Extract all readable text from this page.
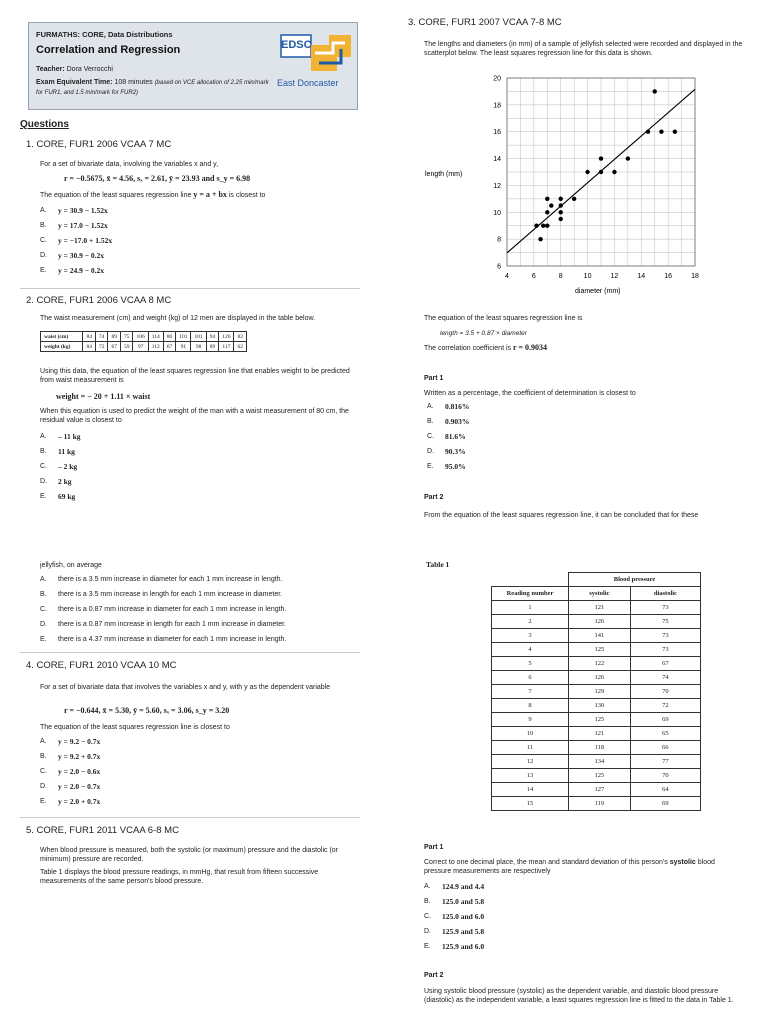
FURMATHS: CORE, Data Distributions
Correlation and Regression
Teacher: Dora Verrocchi
Exam Equivalent Time: 108 minutes (based on VCE allocation of 2.25 min/mark for FUR1, and 1.5 min/mark for FUR2)
EDSC
East Doncaster
Questions
1. CORE, FUR1 2006 VCAA 7 MC
For a set of bivariate data, involving the variables x and y,
r = −0.5675, x̄ = 4.56, sₓ = 2.61, ȳ = 23.93 and s_y = 6.98
The equation of the least squares regression line y = a + bx is closest to
A.	y = 30.9 − 1.52x
B.	y = 17.0 − 1.52x
C.	y = −17.0 + 1.52x
D.	y = 30.9 − 0.2x
E.	y = 24.9 − 0.2x
2. CORE, FUR1 2006 VCAA 8 MC
The waist measurement (cm) and weight (kg) of 12 men are displayed in the table below.
waist (cm)	84	74	89	75	106	114	80	101	101	94	126	82
weight (kg)	84	72	67	59	97	112	67	91	98	89	117	62
Using this data, the equation of the least squares regression line that enables weight to be predicted from waist measurement is
weight = − 20 + 1.11 × waist
When this equation is used to predict the weight of the man with a waist measurement of 80 cm, the residual value is closest to
A.	– 11 kg
B.	11 kg
C.	– 2 kg
D.	2 kg
E.	69 kg
jellyfish, on average
A.	there is a 3.5 mm increase in diameter for each 1 mm increase in length.
B.	there is a 3.5 mm increase in length for each 1 mm increase in diameter.
C.	there is a 0.87 mm increase in diameter for each 1 mm increase in length.
D.	there is a 0.87 mm increase in length for each 1 mm increase in diameter.
E.	there is a 4.37 mm increase in diameter for each 1 mm increase in length.
4. CORE, FUR1 2010 VCAA 10 MC
For a set of bivariate data that involves the variables x and y, with y as the dependent variable
r = −0.644, x̄ = 5.30, ȳ = 5.60, sₓ = 3.06, s_y = 3.20
The equation of the least squares regression line is closest to
A.	y = 9.2 − 0.7x
B.	y = 9.2 + 0.7x
C.	y = 2.0 − 0.6x
D.	y = 2.0 − 0.7x
E.	y = 2.0 + 0.7x
5. CORE, FUR1 2011 VCAA 6-8 MC
When blood pressure is measured, both the systolic (or maximum) pressure and the diastolic (or minimum) pressure are recorded.
Table 1 displays the blood pressure readings, in mmHg, that result from fifteen successive measurements of the same person's blood pressure.
3. CORE, FUR1 2007 VCAA 7-8 MC
The lengths and diameters (in mm) of a sample of jellyfish selected were recorded and displayed in the scatterplot below. The least squares regression line for this data is shown.
4	6	8	10	12	14	16	18
6
8
10
12
14
16
18
20
length (mm)
diameter (mm)
The equation of the least squares regression line is
length = 3.5 + 0.87 × diameter
The correlation coefficient is r = 0.9034
Part 1
Written as a percentage, the coefficient of determination is closest to
A.	0.816%
B.	0.903%
C.	81.6%
D.	90.3%
E.	95.0%
Part 2
From the equation of the least squares regression line, it can be concluded that for these
Table 1
	Blood pressure	
Reading number	systolic	diastolic
1	121	73
2	126	75
3	141	73
4	125	73
5	122	67
6	126	74
7	129	70
8	130	72
9	125	69
10	121	65
11	118	66
12	134	77
13	125	70
14	127	64
15	119	69
Part 1
Correct to one decimal place, the mean and standard deviation of this person's systolic blood pressure measurements are respectively
A.	124.9 and 4.4
B.	125.0 and 5.8
C.	125.0 and 6.0
D.	125.9 and 5.8
E.	125.9 and 6.0
Part 2
Using systolic blood pressure (systolic) as the dependent variable, and diastolic blood pressure (diastolic) as the independent variable, a least squares regression line is fitted to the data in Table 1.
